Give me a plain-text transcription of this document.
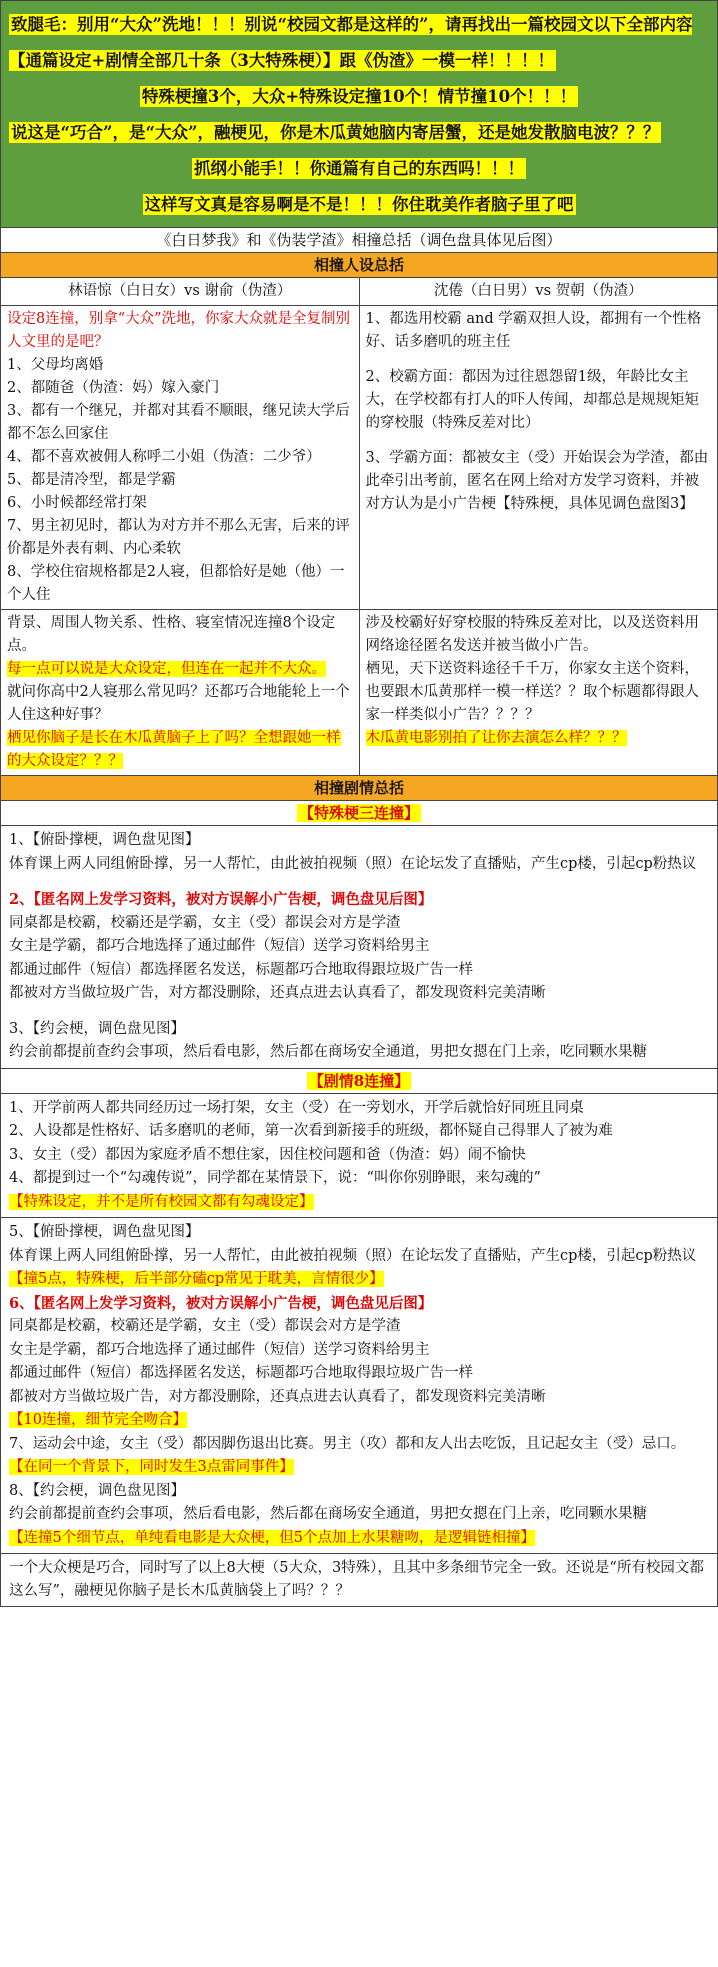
致腿毛：别用“大众”洗地！！！别说“校园文都是这样的”，请再找出一篇校园文以下全部内容【通篇设定+剧情全部几十条（3大特殊梗）】跟《伪渣》一模一样！！！！
特殊梗撞3个，大众+特殊设定撞10个！情节撞10个！！！
说这是“巧合”，是“大众”，融梗见，你是木瓜黄她脑内寄居蟹，还是她发散脑电波？？？
抓纲小能手！！你通篇有自己的东西吗！！！
这样写文真是容易啊是不是！！！你住耽美作者脑子里了吧
《白日梦我》和《伪装学渣》相撞总括（调色盘具体见后图）
相撞人设总括
林语惊（白日女）vs 谢俞（伪渣）	沈倦（白日男）vs 贺朝（伪渣）

设定8连撞，别拿“大众”洗地，你家大众就是全复制别人文里的是吧？

1、父母均离婚

2、都随爸（伪渣：妈）嫁入豪门

3、都有一个继兄，并都对其看不顺眼，继兄读大学后都不怎么回家住

4、都不喜欢被佣人称呼二小姐（伪渣：二少爷）

5、都是清冷型，都是学霸

6、小时候都经常打架

7、男主初见时，都认为对方并不那么无害，后来的评价都是外表有刺、内心柔软

8、学校住宿规格都是2人寝，但都恰好是她（他）一个人住

1、都选用校霸 and 学霸双担人设，都拥有一个性格好、话多磨叽的班主任

2、校霸方面：都因为过往恩怨留1级，年龄比女主大，在学校都有打人的吓人传闻，却都总是规规矩矩的穿校服（特殊反差对比）

3、学霸方面：都被女主（受）开始误会为学渣，都由此牵引出考前，匿名在网上给对方发学习资料，并被对方认为是小广告梗【特殊梗，具体见调色盘图3】

背景、周围人物关系、性格、寝室情况连撞8个设定点。

每一点可以说是大众设定，但连在一起并不大众。

就问你高中2人寝那么常见吗？还都巧合地能轮上一个人住这种好事？

栖见你脑子是长在木瓜黄脑子上了吗？全想跟她一样的大众设定？？？

涉及校霸好好穿校服的特殊反差对比，以及送资料用网络途径匿名发送并被当做小广告。

栖见，天下送资料途径千千万，你家女主送个资料，也要跟木瓜黄那样一模一样送？？取个标题都得跟人家一样类似小广告？？？？

木瓜黄电影别拍了让你去演怎么样？？？

相撞剧情总括
【特殊梗三连撞】

1、【俯卧撑梗，调色盘见图】

体育课上两人同组俯卧撑，另一人帮忙，由此被拍视频（照）在论坛发了直播贴，产生cp楼，引起cp粉热议

2、【匿名网上发学习资料，被对方误解小广告梗，调色盘见后图】

同桌都是校霸，校霸还是学霸，女主（受）都误会对方是学渣

女主是学霸，都巧合地选择了通过邮件（短信）送学习资料给男主

都通过邮件（短信）都选择匿名发送，标题都巧合地取得跟垃圾广告一样

都被对方当做垃圾广告，对方都没删除，还真点进去认真看了，都发现资料完美清晰

3、【约会梗，调色盘见图】

约会前都提前查约会事项，然后看电影，然后都在商场安全通道，男把女摁在门上亲，吃同颗水果糖

【剧情8连撞】

1、开学前两人都共同经历过一场打架，女主（受）在一旁划水，开学后就恰好同班且同桌

2、人设都是性格好、话多磨叽的老师，第一次看到新接手的班级，都怀疑自己得罪人了被为难

3、女主（受）都因为家庭矛盾不想住家，因住校问题和爸（伪渣：妈）闹不愉快

4、都提到过一个“勾魂传说”，同学都在某情景下，说：“叫你你别睁眼，来勾魂的”

【特殊设定，并不是所有校园文都有勾魂设定】

5、【俯卧撑梗，调色盘见图】

体育课上两人同组俯卧撑，另一人帮忙，由此被拍视频（照）在论坛发了直播贴，产生cp楼，引起cp粉热议

【撞5点，特殊梗，后半部分磕cp常见于耽美，言情很少】

6、【匿名网上发学习资料，被对方误解小广告梗，调色盘见后图】

同桌都是校霸，校霸还是学霸，女主（受）都误会对方是学渣

女主是学霸，都巧合地选择了通过邮件（短信）送学习资料给男主

都通过邮件（短信）都选择匿名发送，标题都巧合地取得跟垃圾广告一样

都被对方当做垃圾广告，对方都没删除，还真点进去认真看了，都发现资料完美清晰

【10连撞，细节完全吻合】

7、运动会中途，女主（受）都因脚伤退出比赛。男主（攻）都和友人出去吃饭，且记起女主（受）忌口。

【在同一个背景下，同时发生3点雷同事件】

8、【约会梗，调色盘见图】

约会前都提前查约会事项，然后看电影，然后都在商场安全通道，男把女摁在门上亲，吃同颗水果糖

【连撞5个细节点，单纯看电影是大众梗，但5个点加上水果糖吻，是逻辑链相撞】

一个大众梗是巧合，同时写了以上8大梗（5大众，3特殊），且其中多条细节完全一致。还说是“所有校园文都这么写”，融梗见你脑子是长木瓜黄脑袋上了吗？？？
